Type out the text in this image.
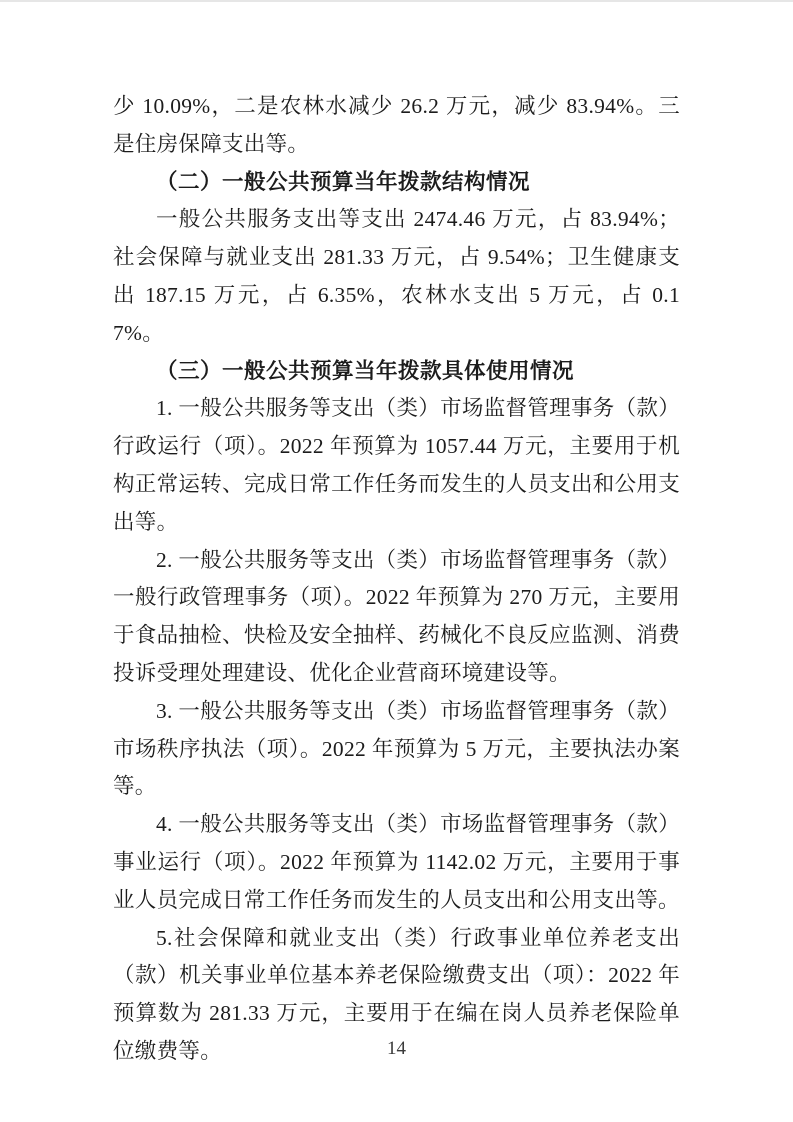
少 10.09%，二是农林水减少 26.2 万元，减少 83.94%。三是住房保障支出等。

（二）一般公共预算当年拨款结构情况

一般公共服务支出等支出 2474.46 万元，占 83.94%；社会保障与就业支出 281.33 万元，占 9.54%；卫生健康支出 187.15 万元，占 6.35%，农林水支出 5 万元，占 0.17%。

（三）一般公共预算当年拨款具体使用情况

1. 一般公共服务等支出（类）市场监督管理事务（款）行政运行（项）。2022 年预算为 1057.44 万元，主要用于机构正常运转、完成日常工作任务而发生的人员支出和公用支出等。

2. 一般公共服务等支出（类）市场监督管理事务（款）一般行政管理事务（项）。2022 年预算为 270 万元，主要用于食品抽检、快检及安全抽样、药械化不良反应监测、消费投诉受理处理建设、优化企业营商环境建设等。

3. 一般公共服务等支出（类）市场监督管理事务（款）市场秩序执法（项）。2022 年预算为 5 万元，主要执法办案等。

4. 一般公共服务等支出（类）市场监督管理事务（款）事业运行（项）。2022 年预算为 1142.02 万元，主要用于事业人员完成日常工作任务而发生的人员支出和公用支出等。

5.社会保障和就业支出（类）行政事业单位养老支出（款）机关事业单位基本养老保险缴费支出（项）：2022 年预算数为 281.33 万元，主要用于在编在岗人员养老保险单位缴费等。	14
